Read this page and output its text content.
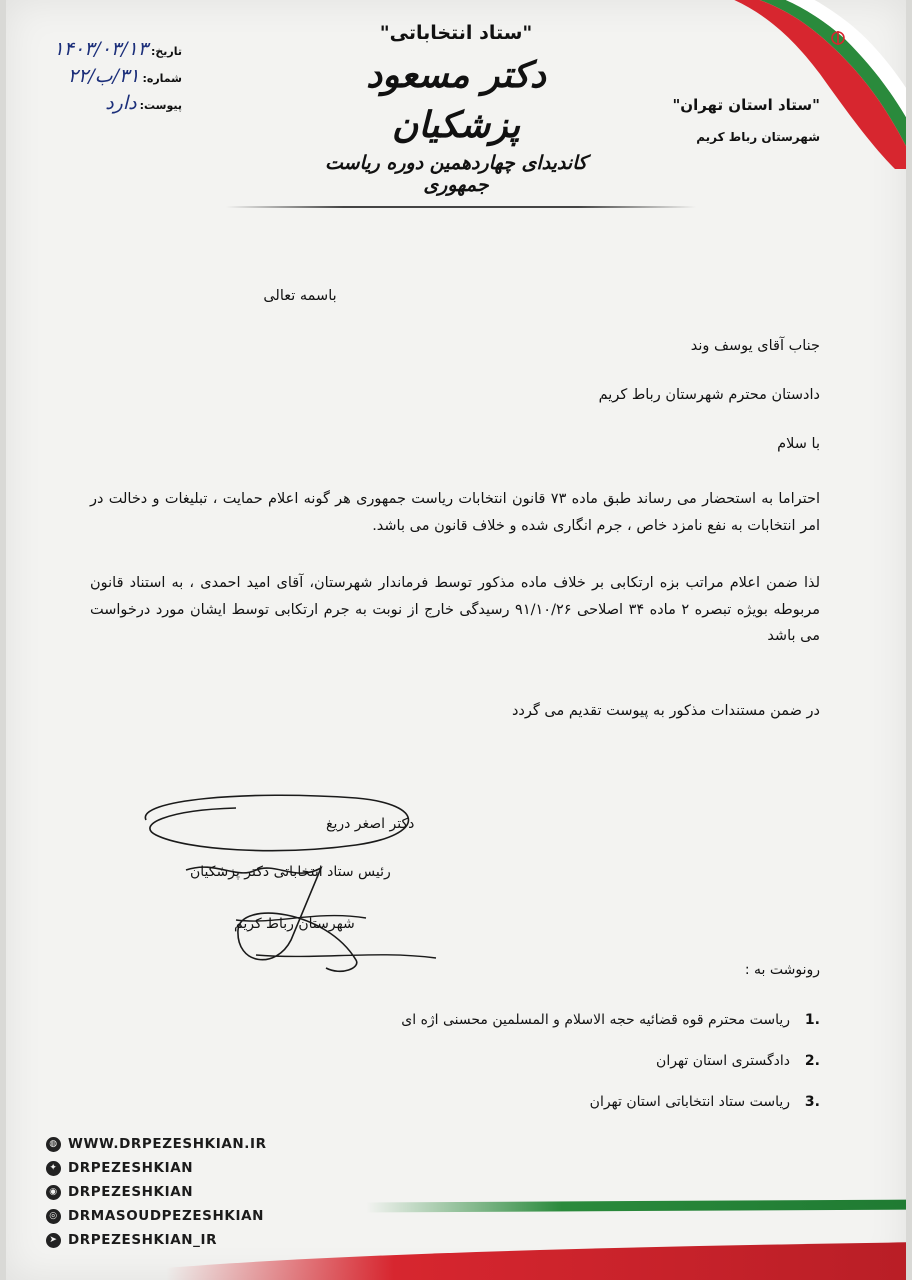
"ستاد انتخاباتی"
دکتر مسعود پزشکیان
کاندیدای چهاردهمین دوره ریاست جمهوری
"ستاد استان تهران"
شهرستان رباط کریم
تاریخ:
۱۴۰۳/۰۳/۱۳
شماره:
۳۱/ب/۲۲
پیوست:
دارد
باسمه تعالی
جناب آقای یوسف وند
دادستان محترم شهرستان رباط کریم
با سلام
احتراما به استحضار می رساند طبق ماده ۷۳ قانون انتخابات ریاست جمهوری هر گونه اعلام حمایت ، تبلیغات و دخالت در امر انتخابات به نفع نامزد خاص ، جرم انگاری شده و خلاف قانون می باشد.
لذا ضمن اعلام مراتب بزه ارتکابی بر خلاف ماده مذکور توسط فرماندار شهرستان، آقای امید احمدی ، به استناد قانون مربوطه بویژه تبصره ۲ ماده ۳۴ اصلاحی ۹۱/۱۰/۲۶ رسیدگی خارج از نوبت به جرم ارتکابی توسط ایشان مورد درخواست می باشد
در ضمن مستندات مذکور به پیوست تقدیم می گردد
دکتر اصغر دریغ
رئیس ستاد انتخاباتی دکتر پزشکیان
شهرستان رباط کریم
رونوشت به :
.1ریاست محترم قوه قضائیه حجه الاسلام و المسلمین محسنی اژه ای
.2دادگستری استان تهران
.3ریاست ستاد انتخاباتی استان تهران
◍ WWW.DRPEZESHKIAN.IR
✦ DRPEZESHKIAN
◉ DRPEZESHKIAN
◎ DRMASOUDPEZESHKIAN
➤ DRPEZESHKIAN_IR
